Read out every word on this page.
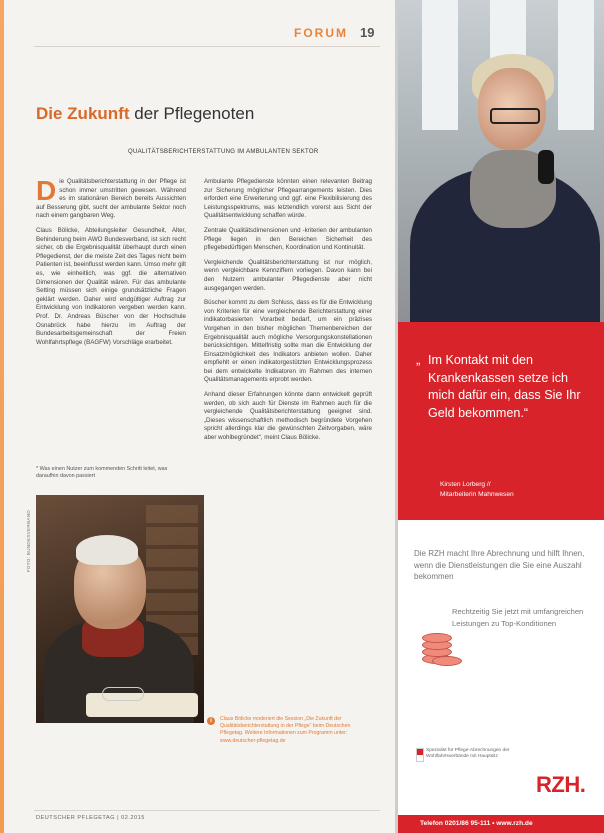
FORUM 19
Die Zukunft der Pflegenoten
QUALITÄTSBERICHTERSTATTUNG IM AMBULANTEN SEKTOR

Die Qualitätsberichterstattung in der Pflege ist schon immer umstritten gewesen. Während es im stationären Bereich bereits Aussichten auf Besserung gibt, sucht der ambulante Sektor noch nach einem gangbaren Weg.

Claus Bölicke, Abteilungsleiter Gesundheit, Alter, Behinderung beim AWO Bundesverband, ist sich recht sicher, ob die Ergebnisqualität überhaupt durch einen Pflegedienst, der die meiste Zeit des Tages nicht beim Patienten ist, beeinflusst werden kann. Umso mehr gilt es, wie einheitlich, was ggf. die alternativen Dimensionen der Qualität wären. Für das ambulante Setting müssen sich einige grundsätzliche Fragen geklärt werden. Daher wird endgültiger Auftrag zur Entwicklung von Indikatoren vergeben werden kann. Prof. Dr. Andreas Büscher von der Hochschule Osnabrück habe hierzu im Auftrag der Bundesarbeitsgemeinschaft der Freien Wohlfahrtspflege (BAGFW) Vorschläge erarbeitet.

Ambulante Pflegedienste könnten einen relevanten Beitrag zur Sicherung möglicher Pflegearrangements leisten. Dies erfordert eine Erweiterung und ggf. eine Flexibilisierung des Leistungsspektrums, was letztendlich vorerst aus Sicht der Qualitätsentwicklung schaffen würde.

Zentrale Qualitätsdimensionen und -kriterien der ambulanten Pflege liegen in den Bereichen Sicherheit des pflegebedürftigen Menschen, Koordination und Kontinuität.

Vergleichende Qualitätsberichterstattung ist nur möglich, wenn vergleichbare Kennziffern vorliegen. Davon kann bei den Nutzern ambulanter Pflegedienste aber nicht ausgegangen werden.

Büscher kommt zu dem Schluss, dass es für die Entwicklung von Kriterien für eine vergleichende Berichterstattung einer indikatorbasierten Vorarbeit bedarf, um ein präzises Vorgehen in den bisher möglichen Themenbereichen der Ergebnisqualität auch mögliche Versorgungskonstellationen berücksichtigen. Mittelfristig sollte man die Entwicklung der Einsatzmöglichkeit des Indikators anbieten wollen. Daher empfiehlt er einen indikatorgestützten Entwicklungsprozess bei dem entwickelte Indikatoren im Rahmen des internen Qualitätsmanagements erprobt werden.

Anhand dieser Erfahrungen könnte dann entwickelt geprüft werden, ob sich auch für Dienste im Rahmen auch für die vergleichende Qualitätsberichterstattung geeignet sind. „Dieses wissenschaftlich methodisch begründete Vorgehen spricht allerdings klar die gewünschten Zeitvorgaben, wäre aber wohlbegründet“, meint Claus Bölicke.

* Was einen Nutzer zum kommenden Schritt leitet, was daraufhin davon passiert
FOTO: BUNDESVERBAND
i	Claus Bölicke moderiert die Session „Die Zukunft der Qualitätsberichterstattung in der Pflege“ beim Deutschen Pflegetag. Weitere Informationen zum Programm unter: www.deutscher-pflegetag.de
DEUTSCHER PFLEGETAG | 02.2015
„ Im Kontakt mit den Krankenkassen setze ich mich dafür ein, dass Sie Ihr Geld bekommen.“
Kirsten Lorberg //
Mitarbeiterin Mahnwesen
Die RZH macht Ihre Abrechnung und hilft Ihnen, wenn die Dienstleistungen die Sie eine Auszahl bekommen
Rechtzeitig Sie jetzt mit umfangreichen Leistungen zu Top-Konditionen
Spezialist für Pflege-Abrechnungen der Wohlfahrtsverbände mit Hauptsitz
RZH.
Telefon 0201/86 95-111 • www.rzh.de
